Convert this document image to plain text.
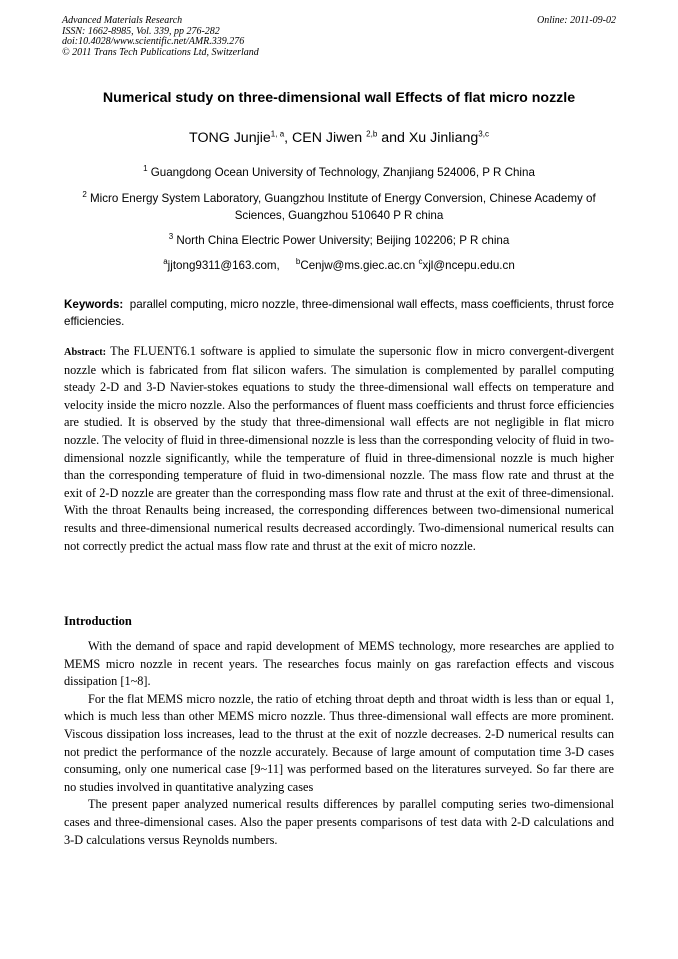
Advanced Materials Research
ISSN: 1662-8985, Vol. 339, pp 276-282
doi:10.4028/www.scientific.net/AMR.339.276
© 2011 Trans Tech Publications Ltd, Switzerland
Online: 2011-09-02
Numerical study on three-dimensional wall Effects of flat micro nozzle
TONG Junjie$^{1, a}$, CEN Jiwen $^{2,b}$ and Xu Jinliang$^{3,c}$
$^1$ Guangdong Ocean University of Technology, Zhanjiang 524006, P R China
$^2$ Micro Energy System Laboratory, Guangzhou Institute of Energy Conversion, Chinese Academy of Sciences, Guangzhou 510640 P R china
$^3$ North China Electric Power University; Beijing 102206; P R china
$^a$jjtong9311@163.com, $^b$Cenjw@ms.giec.ac.cn $^c$xjl@ncepu.edu.cn
Keywords:  parallel computing, micro nozzle, three-dimensional wall effects, mass coefficients, thrust force efficiencies.
Abstract: The FLUENT6.1 software is applied to simulate the supersonic flow in micro convergent-divergent nozzle which is fabricated from flat silicon wafers. The simulation is complemented by parallel computing steady 2-D and 3-D Navier-stokes equations to study the three-dimensional wall effects on temperature and velocity inside the micro nozzle. Also the performances of fluent mass coefficients and thrust force efficiencies are studied. It is observed by the study that three-dimensional wall effects are not negligible in flat micro nozzle. The velocity of fluid in three-dimensional nozzle is less than the corresponding velocity of fluid in two-dimensional nozzle significantly, while the temperature of fluid in three-dimensional nozzle is much higher than the corresponding temperature of fluid in two-dimensional nozzle. The mass flow rate and thrust at the exit of 2-D nozzle are greater than the corresponding mass flow rate and thrust at the exit of three-dimensional. With the throat Renaults being increased, the corresponding differences between two-dimensional numerical results and three-dimensional numerical results decreased accordingly. Two-dimensional numerical results can not correctly predict the actual mass flow rate and thrust at the exit of micro nozzle.
Introduction

With the demand of space and rapid development of MEMS technology, more researches are applied to MEMS micro nozzle in recent years. The researches focus mainly on gas rarefaction effects and viscous dissipation [1~8].

For the flat MEMS micro nozzle, the ratio of etching throat depth and throat width is less than or equal 1, which is much less than other MEMS micro nozzle. Thus three-dimensional wall effects are more prominent. Viscous dissipation loss increases, lead to the thrust at the exit of nozzle decreases. 2-D numerical results can not predict the performance of the nozzle accurately. Because of large amount of computation time 3-D cases consuming, only one numerical case [9~11] was performed based on the literatures surveyed. So far there are no studies involved in quantitative analyzing cases

The present paper analyzed numerical results differences by parallel computing series two-dimensional cases and three-dimensional cases. Also the paper presents comparisons of test data with 2-D calculations and 3-D calculations versus Reynolds numbers.
